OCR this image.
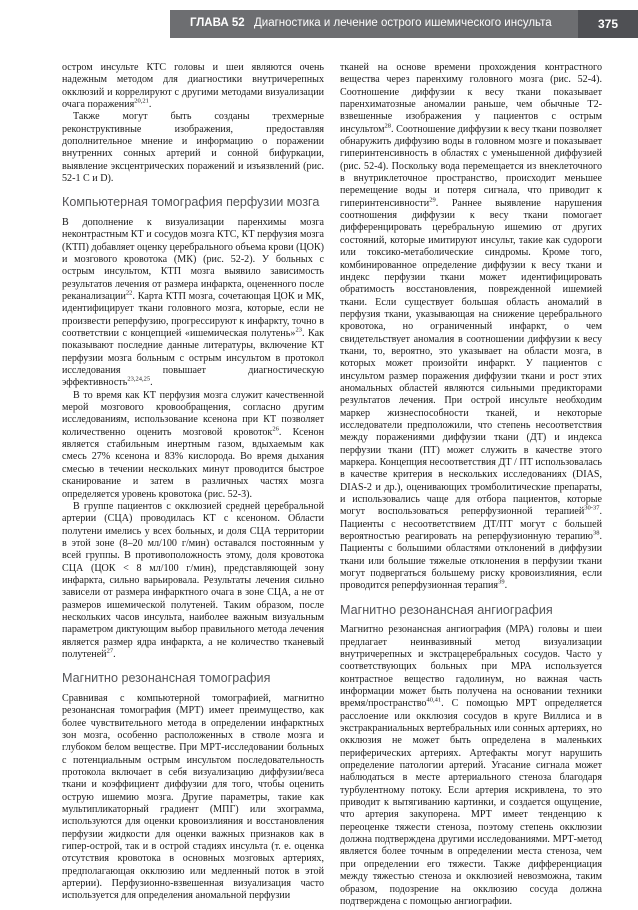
ГЛАВА 52 Диагностика и лечение острого ишемического инсульта	375

остром инсульте КТС головы и шеи являются очень надежным методом для диагностики внутричерепных окклюзий и коррелируют с другими методами визуализации очага поражения$^{20,21}$.

Также могут быть созданы трехмерные реконструктивные изображения, предоставляя дополнительное мнение и информацию о поражении внутренних сонных артерий и сонной бифуркации, выявление эксцентрических поражений и изъязвлений (рис. 52-1 С и D).

Компьютерная томография перфузии мозга

В дополнение к визуализации паренхимы мозга неконтрастным КТ и сосудов мозга КТС, КТ перфузия мозга (КТП) добавляет оценку церебрального объема крови (ЦОК) и мозгового кровотока (МК) (рис. 52-2). У больных с острым инсультом, КТП мозга выявило зависимость результатов лечения от размера инфаркта, оцененного после реканализации$^{22}$. Карта КТП мозга, сочетающая ЦОК и МК, идентифицирует ткани головного мозга, которые, если не произвести реперфузию, прогрессируют к инфаркту, точно в соответствии с концепцией «ишемическая полутень»$^{23}$. Как показывают последние данные литературы, включение КТ перфузии мозга больным с острым инсультом в протокол исследования повышает диагностическую эффективность$^{23,24,25}$.

В то время как КТ перфузия мозга служит качественной мерой мозгового кровообращения, согласно другим исследованиям, использование ксенона при КТ позволяет количественно оценить мозговой кровоток$^{26}$. Ксенон является стабильным инертным газом, вдыхаемым как смесь 27% ксенона и 83% кислорода. Во время дыхания смесью в течении нескольких минут проводится быстрое сканирование и затем в различных частях мозга определяется уровень кровотока (рис. 52-3).

В группе пациентов с окклюзией средней церебральной артерии (СЦА) проводилась КТ с ксеноном. Области полутени имелись у всех больных, и доля СЦА территории в этой зоне (8–20 мл/100 г/мин) оставался постоянным у всей группы. В противоположность этому, доля кровотока СЦА (ЦОК < 8 мл/100 г/мин), представляющей зону инфаркта, сильно варьировала. Результаты лечения сильно зависели от размера инфарктного очага в зоне СЦА, а не от размеров ишемической полутеней. Таким образом, после нескольких часов инсульта, наиболее важным визуальным параметром диктующим выбор правильного метода лечения является размер ядра инфаркта, а не количество тканевый полутеней$^{27}$.

Магнитно резонансная томография

Сравнивая с компьютерной томографией, магнитно резонансная томография (МРТ) имеет преимущество, как более чувствительного метода в определении инфарктных зон мозга, особенно расположенных в стволе мозга и глубоком белом веществе. При МРТ-исследовании больных с потенциальным острым инсультом последовательность протокола включает в себя визуализацию диффузии/веса ткани и коэффициент диффузии для того, чтобы оценить острую ишемию мозга. Другие параметры, такие как мультипликаторный градиент (МПГ) или эхограмма, используются для оценки кровоизлияния и восстановления перфузии жидкости для оценки важных признаков как в гипер-острой, так и в острой стадиях инсульта (т. е. оценка отсутствия кровотока в основных мозговых артериях, предполагающая окклюзию или медленный поток в этой артерии). Перфузионно-взвешенная визуализация часто используется для определения аномальной перфузии

тканей на основе времени прохождения контрастного вещества через паренхиму головного мозга (рис. 52-4). Соотношение диффузии к весу ткани показывает паренхиматозные аномалии раньше, чем обычные Т2-взвешенные изображения у пациентов с острым инсультом$^{28}$. Соотношение диффузии к весу ткани позволяет обнаружить диффузию воды в головном мозге и показывает гиперинтенсивность в областях с уменьшенной диффузией (рис. 52-4). Поскольку вода перемещается из внеклеточного в внутриклеточное пространство, происходит меньшее перемещение воды и потеря сигнала, что приводит к гиперинтенсивности$^{29}$. Раннее выявление нарушения соотношения диффузии к весу ткани помогает дифференцировать церебральную ишемию от других состояний, которые имитируют инсульт, такие как судороги или токсико-метаболические синдромы. Кроме того, комбинированное определение диффузии к весу ткани и индекс перфузии ткани может идентифицировать обратимость восстановления, поврежденной ишемией ткани. Если существует большая область аномалий в перфузия ткани, указывающая на снижение церебрального кровотока, но ограниченный инфаркт, о чем свидетельствует аномалия в соотношении диффузии к весу ткани, то, вероятно, это указывает на области мозга, в которых может произойти инфаркт. У пациентов с инсультом размер поражения диффузии ткани и рост этих аномальных областей являются сильными предикторами результатов лечения. При острой инсульте необходим маркер жизнеспособности тканей, и некоторые исследователи предположили, что степень несоответствия между поражениями диффузии ткани (ДТ) и индекса перфузии ткани (ПТ) может служить в качестве этого маркера. Концепция несоответствия ДТ / ПТ использовалась в качестве критерия в нескольких исследованиях (DIAS, DIAS-2 и др.), оценивающих тромболитические препараты, и использовались чаще для отбора пациентов, которые могут воспользоваться реперфузионной терапией$^{30-37}$. Пациенты с несоответствием ДТ/ПТ могут с большей вероятностью реагировать на реперфузионную терапию$^{38}$. Пациенты с большими областями отклонений в диффузии ткани или большие тяжелые отклонения в перфузии ткани могут подвергаться большему риску кровоизлияния, если проводится реперфузионная терапия$^{39}$.

Магнитно резонансная ангиография

Магнитно резонансная ангиография (МРА) головы и шеи предлагает неинвазивный метод визуализации внутричерепных и экстрацеребральных сосудов. Часто у соответствующих больных при МРА используется контрастное вещество гадолинум, но важная часть информации может быть получена на основании техники время/пространство$^{40,41}$. С помощью МРТ определяется расслоение или окклюзия сосудов в круге Виллиса и в экстракраниальных вертебральных или сонных артериях, но окклюзия не может быть определена в маленьких периферических артериях. Артефакты могут нарушить определение патологии артерий. Угасание сигнала может наблюдаться в месте артериального стеноза благодаря турбулентному потоку. Если артерия искривлена, то это приводит к вытягиванию картинки, и создается ощущение, что артерия закупорена. МРТ имеет тенденцию к переоценке тяжести стеноза, поэтому степень окклюзии должна подтверждена другими исследованиями. МРТ-метод является более точным в определении места стеноза, чем при определении его тяжести. Также дифференциация между тяжестью стеноза и окклюзией невозможна, таким образом, подозрение на окклюзию сосуда должна подтверждена с помощью ангиографии.
